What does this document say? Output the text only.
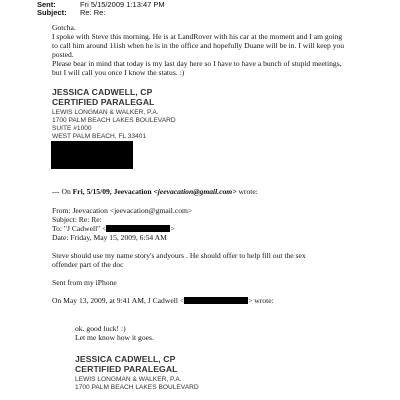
Sent:	Fri 5/15/2009 1:13:47 PM
Subject: Re: Re:
Gotcha.
I spoke with Steve this morning. He is at LandRover with his car at the moment and I am going
to call him around 11ish when he is in the office and hopefully Duane will be in. I will keep you
posted.
Please bear in mind that today is my last day here so I have to have a bunch of stupid meetings,
but I will call you once I know the status. :)
JESSICA CADWELL, CP
CERTIFIED PARALEGAL
LEWIS LONGMAN & WALKER, P.A.
1700 PALM BEACH LAKES BOULEVARD
SUITE #1000
WEST PALM BEACH, FL 33401
--- On Fri, 5/15/09, Jeevacation <jeevacation@gmail.com> wrote:
From: Jeevacation <jeevacation@gmail.com>
Subject: Re: Re:
To: "J Cadwell" <	>
Date: Friday, May 15, 2009, 6:54 AM
Steve should use my name story's andyours . He should offer to help fill out the sex
offender part of the doc
Sent from my iPhone
On May 13, 2009, at 9:41 AM, J Cadwell <	> wrote:
ok. good luck! :)
Let me know how it goes.
JESSICA CADWELL, CP
CERTIFIED PARALEGAL
LEWIS LONGMAN & WALKER, P.A.
1700 PALM BEACH LAKES BOULEVARD
